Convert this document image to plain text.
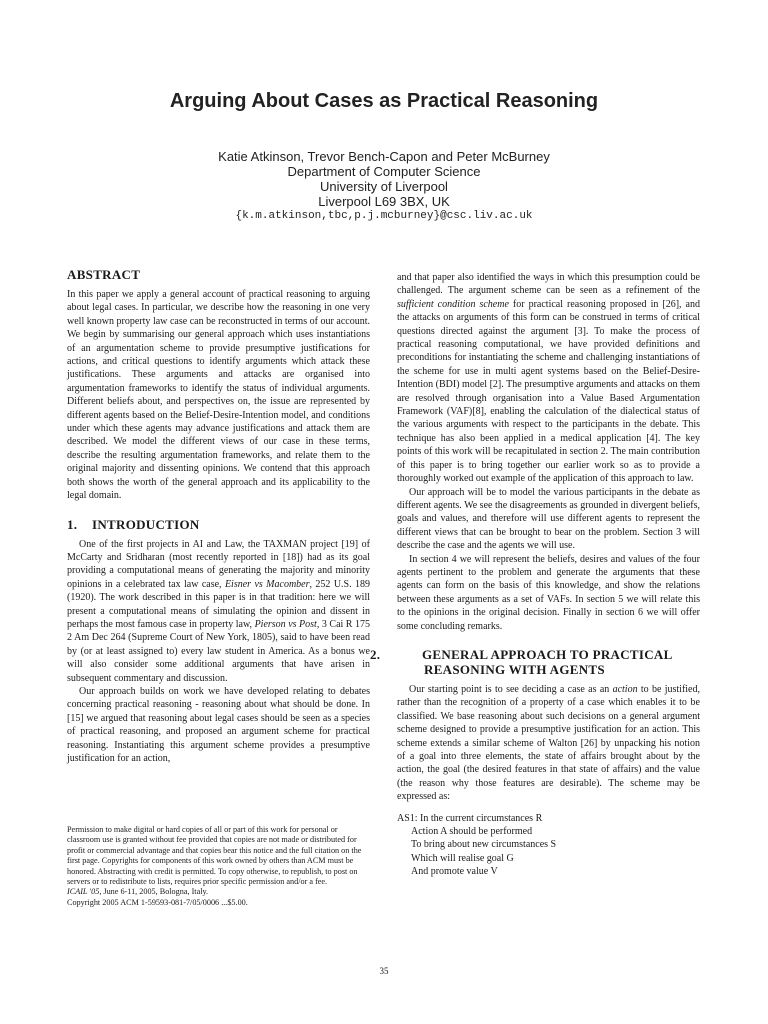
Arguing About Cases as Practical Reasoning
Katie Atkinson, Trevor Bench-Capon and Peter McBurney
Department of Computer Science
University of Liverpool
Liverpool L69 3BX, UK
{k.m.atkinson,tbc,p.j.mcburney}@csc.liv.ac.uk
ABSTRACT

In this paper we apply a general account of practical reasoning to arguing about legal cases. In particular, we describe how the reasoning in one very well known property law case can be reconstructed in terms of our account. We begin by summarising our general approach which uses instantiations of an argumentation scheme to provide presumptive justifications for actions, and critical questions to identify arguments which attack these justifications. These arguments and attacks are organised into argumentation frameworks to identify the status of individual arguments. Different beliefs about, and perspectives on, the issue are represented by different agents based on the Belief-Desire-Intention model, and conditions under which these agents may advance justifications and attack them are described. We model the different views of our case in these terms, describe the resulting argumentation frameworks, and relate them to the original majority and dissenting opinions. We contend that this approach both shows the worth of the general approach and its applicability to the legal domain.

1. INTRODUCTION

One of the first projects in AI and Law, the TAXMAN project [19] of McCarty and Sridharan (most recently reported in [18]) had as its goal providing a computational means of generating the majority and minority opinions in a celebrated tax law case, Eisner vs Macomber, 252 U.S. 189 (1920). The work described in this paper is in that tradition: here we will present a computational means of simulating the opinion and dissent in perhaps the most famous case in property law, Pierson vs Post, 3 Cai R 175 2 Am Dec 264 (Supreme Court of New York, 1805), said to have been read by (or at least assigned to) every law student in America. As a bonus we will also consider some additional arguments that have arisen in subsequent commentary and discussion.

Our approach builds on work we have developed relating to debates concerning practical reasoning - reasoning about what should be done. In [15] we argued that reasoning about legal cases should be seen as a species of practical reasoning, and proposed an argument scheme for practical reasoning. Instantiating this argument scheme provides a presumptive justification for an action,

Permission to make digital or hard copies of all or part of this work for personal or classroom use is granted without fee provided that copies are not made or distributed for profit or commercial advantage and that copies bear this notice and the full citation on the first page. Copyrights for components of this work owned by others than ACM must be honored. Abstracting with credit is permitted. To copy otherwise, to republish, to post on servers or to redistribute to lists, requires prior specific permission and/or a fee.

ICAIL '05, June 6-11, 2005, Bologna, Italy.

Copyright 2005 ACM 1-59593-081-7/05/0006 ...$5.00.

and that paper also identified the ways in which this presumption could be challenged. The argument scheme can be seen as a refinement of the sufficient condition scheme for practical reasoning proposed in [26], and the attacks on arguments of this form can be construed in terms of critical questions directed against the argument [3]. To make the process of practical reasoning computational, we have provided definitions and preconditions for instantiating the scheme and challenging instantiations of the scheme for use in multi agent systems based on the Belief-Desire-Intention (BDI) model [2]. The presumptive arguments and attacks on them are resolved through organisation into a Value Based Argumentation Framework (VAF)[8], enabling the calculation of the dialectical status of the various arguments with respect to the participants in the debate. This technique has also been applied in a medical application [4]. The key points of this work will be recapitulated in section 2. The main contribution of this paper is to bring together our earlier work so as to provide a thoroughly worked out example of the application of this approach to law.

Our approach will be to model the various participants in the debate as different agents. We see the disagreements as grounded in divergent beliefs, goals and values, and therefore will use different agents to represent the different views that can be brought to bear on the problem. Section 3 will describe the case and the agents we will use.

In section 4 we will represent the beliefs, desires and values of the four agents pertinent to the problem and generate the arguments that these agents can form on the basis of this knowledge, and show the relations between these arguments as a set of VAFs. In section 5 we will relate this to the opinions in the original decision. Finally in section 6 we will offer some concluding remarks.

2.	GENERAL APPROACH TO PRACTICAL
REASONING WITH AGENTS

Our starting point is to see deciding a case as an action to be justified, rather than the recognition of a property of a case which enables it to be classified. We base reasoning about such decisions on a general argument scheme designed to provide a presumptive justification for an action. This scheme extends a similar scheme of Walton [26] by unpacking his notion of a goal into three elements, the state of affairs brought about by the action, the goal (the desired features in that state of affairs) and the value (the reason why those features are desirable). The scheme may be expressed as:

AS1: In the current circumstances R
Action A should be performed
To bring about new circumstances S
Which will realise goal G
And promote value V
35
